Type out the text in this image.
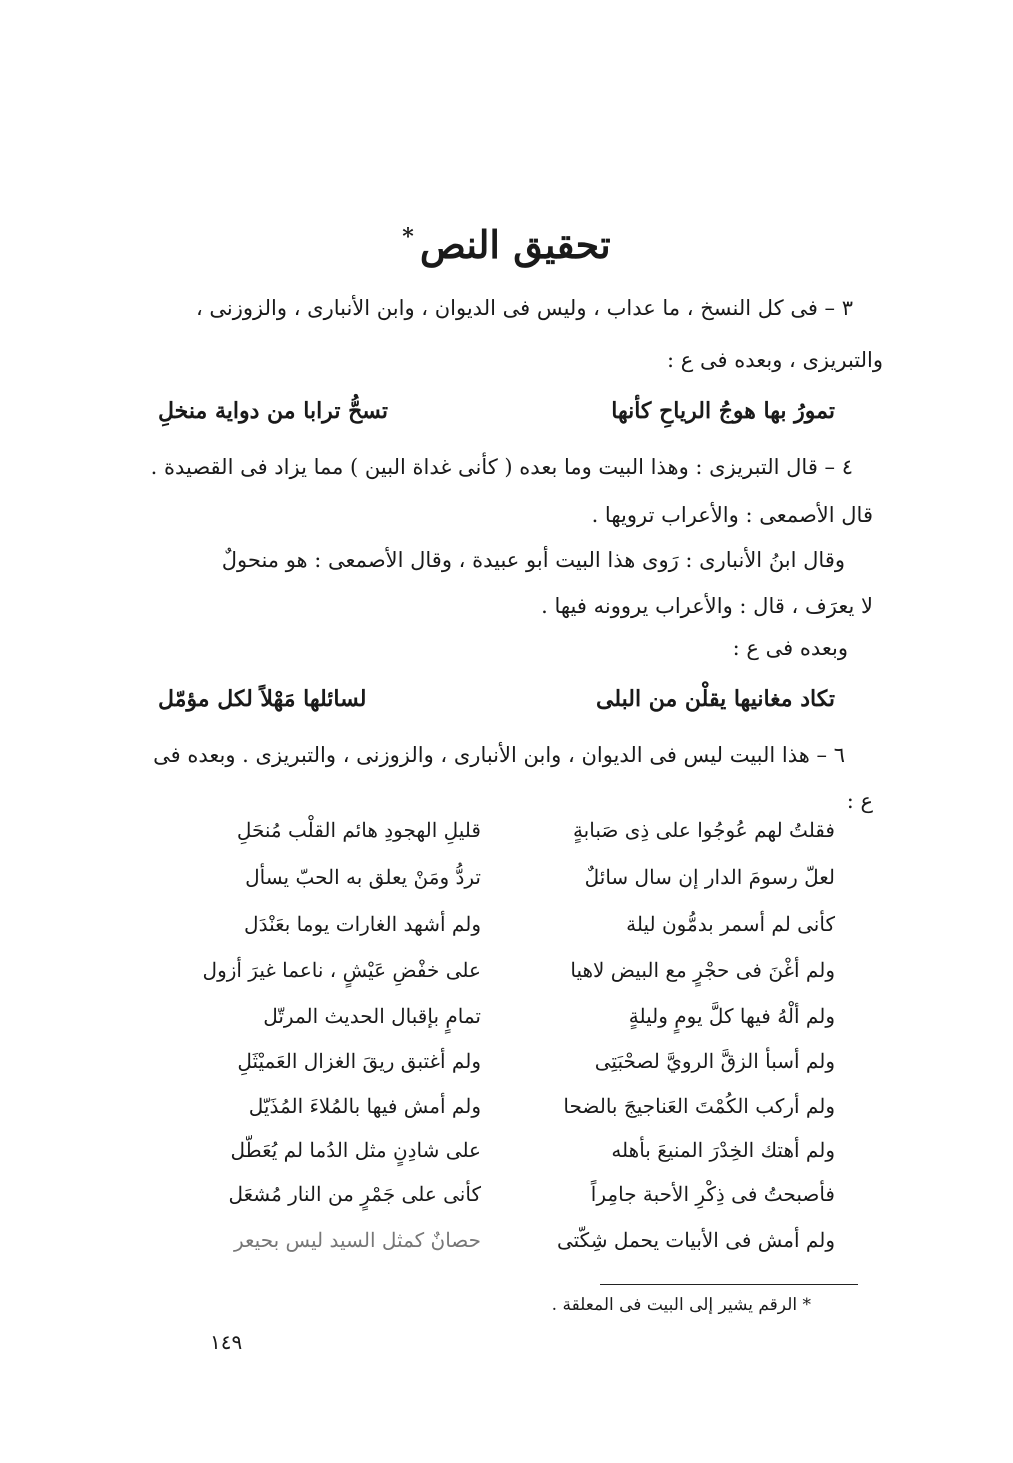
تحقيق النص*
٣ – فى كل النسخ ، ما عداب ، وليس فى الديوان ، وابن الأنبارى ، والزوزنى ،
والتبريزى ، وبعده فى ع :
تمورُ بها هوجُ الرياحِ كأنها
تسحُّ ترابا من دواية منخلِ
٤ – قال التبريزى : وهذا البيت وما بعده ( كأنى غداة البين ) مما يزاد فى القصيدة .
قال الأصمعى : والأعراب ترويها .
وقال ابنُ الأنبارى : رَوى هذا البيت أبو عبيدة ، وقال الأصمعى : هو منحولٌ
لا يعرَف ، قال : والأعراب يروونه فيها .
وبعده فى ع :
تكاد مغانيها يقلْن من البلى
لسائلها مَهْلاً لكل مؤمّل
٦ – هذا البيت ليس فى الديوان ، وابن الأنبارى ، والزوزنى ، والتبريزى . وبعده فى
ع :
فقلتُ لهم عُوجُوا على ذِى صَبابةٍ
قليلِ الهجودِ هائم القلْب مُنحَلِ
لعلّ رسومَ الدار إن سال سائلٌ
تردُّ ومَنْ يعلق به الحبّ يسأل
كأنى لم أسمر بدمُّون ليلة
ولم أشهد الغارات يوما بعَنْدَل
ولم أغْنَ فى حجْرٍ مع البيض لاهيا
على خفْضِ عَيْشٍ ، ناعما غيرَ أزول
ولم ألْهُ فيها كلَّ يومٍ وليلةٍ
تمامٍ بإقبال الحديث المرتّل
ولم أسبأ الزقَّ الرويَّ لصحْبَتِى
ولم أغتبق ريقَ الغزال العَميْثَلِ
ولم أركب الكُمْتَ العَناجيجَ بالضحا
ولم أمش فيها بالمُلاءَ المُذَيّل
ولم أهتك الخِدْرَ المنيعَ بأهله
على شادِنٍ مثل الدُما لم يُعَطّل
فأصبحتُ فى ذِكْرِ الأحبة جامِراً
كأنى على جَمْرٍ من النار مُشعَل
ولم أمش فى الأبيات يحمل شِكّتى
حصانٌ كمثل السيد ليس بحيعر
* الرقم يشير إلى البيت فى المعلقة .
١٤٩
